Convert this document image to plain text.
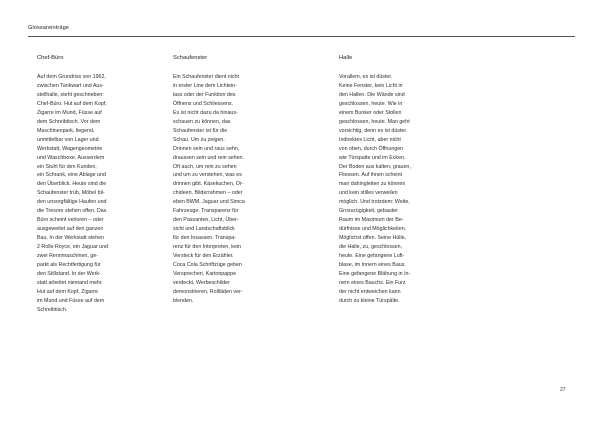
Glossareinträge
Chef-Büro
Auf dem Grundriss von 1962,
zwischen Tankwart und Aus-
stellhalle, steht geschrieben:
Chef-Büro. Hut auf dem Kopf,
Zigarre im Mund, Füsse auf
dem Schreibtisch. Vor dem
Maschinenpark, liegend,
unmittelbar von Lager und
Werkstatt, Wagengeometrie
und Waschboxe. Ausserdem
ein Stuhl für den Kunden,
ein Schrank, eine Ablage und
den Überblick. Heute sind die
Schaufenster trüb, Möbel bil-
den unsorgfältige Haufen und
die Tresore stehen offen. Das
Büro scheint verloren – oder
ausgeweitet auf den ganzen
Bau. In der Werkstatt stehen
2 Rolls-Royce, ein Jaguar und
zwei Rennmaschinen, ge-
parkt als Rechtfertigung für
den Stillstand. In der Werk-
statt arbeitet niemand mehr.
Hut auf dem Kopf, Zigarre
im Mund und Füsse auf dem
Schreibtisch.
Schaufenster
Ein Schaufenster dient nicht
in erster Line dem Lichtein-
lass oder der Funktion des
Öffnens und Schliessens.
Es ist nicht dazu da hinaus-
schauen zu können, das
Schaufenster ist für die
Schau. Um zu zeigen.
Drinnen sein und raus sehn,
draussen sein und rein sehen.
Oft auch, um rein zu sehen
und um zu verstehen, was es
drinnen gibt. Käsekuchen, Or-
chideen, Bilderrahmen – oder
eben BWM, Jaguar und Simca
Fahrzeuge. Transparenz für
den Passanten, Licht, Über-
sicht und Landschaftsblick
für den Insassen. Transpa-
renz für den Interpreten, kein
Versteck für den Erzähler.
Coca Cola Schriftzüge geben
Versprechen, Kartonpappe
verdeckt, Werbeschilder
demonstrieren, Rollläden ver-
blenden.
Halle
Vorallem, es ist düster.
Keine Fenster, kein Licht in
den Hallen. Die Wände sind
geschlossen, heute. Wie in
einem Bunker oder Stollen
geschlossen, heute. Man geht
vorsichtig, denn es ist düster.
Indirektes Licht, aber nicht
von oben, durch Öffnungen
wie Türspalte und im Ecken.
Der Boden aus kalten, grauen,
Fliessen. Auf ihnen scheint
man dahingleiten zu können
und kein stilles verweilen
möglich. Und trotzdem: Weite,
Grosszügigkeit, gebauter
Raum im Maximum der Be-
dürfnisse und Möglichkeiten.
Möglichst offen. Seine Hülle,
die Halle, zu, geschlossen,
heute. Eine gefangene Luft-
blase, im Innern eines Baus.
Eine gefangene Blähung in In-
nern eines Bauchs. Ein Furz
der nicht entweichen kann
durch zu kleine Türspälte.
27
